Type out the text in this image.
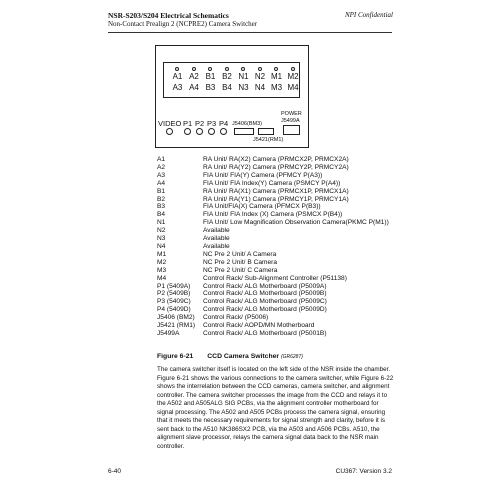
NSR-S203/S204 Electrical Schematics
Non-Contact Prealign 2 (NCPRE2) Camera Switcher
NPI Confidential
A1 A2 B1 B2 N1 N2 M1 M2
A3 A4 B3 B4 N3 N4 M3 M4
VIDEO P1 P2 P3 P4 J5406(BM3)
POWER
J5499A
J5421(RM1)
A1	RA Unit/ RA(X2) Camera (PRMCX2P, PRMCX2A)
A2	RA Unit/ RA(Y2) Camera (PRMCY2P, PRMCY2A)
A3	FIA Unit/ FIA(Y) Camera (PFMCY P(A3))
A4	FIA Unit/ FIA Index(Y) Camera (PSMCY P(A4))
B1	RA Unit/ RA(X1) Camera (PRMCX1P, PRMCX1A)
B2	RA Unit/ RA(Y1) Camera (PRMCY1P, PRMCY1A)
B3	FIA Unit/FIA(X) Camera (PFMCX P(B3))
B4	FIA Unit/ FIA Index (X) Camera (PSMCX P(B4))
N1	FIA Unit/ Low Magnification Observation Camera(PKMC P(M1))
N2	Available
N3	Available
N4	Available
M1	NC Pre 2 Unit/ A Camera
M2	NC Pre 2 Unit/ B Camera
M3	NC Pre 2 Unit/ C Camera
M4	Control Rack/ Sub-Alignment Controller (P51138)
P1 (5409A)	Control Rack/ ALG Motherboard (P5009A)
P2 (5409B)	Control Rack/ ALG Motherboard (P5009B)
P3 (5409C)	Control Rack/ ALG Motherboard (P5009C)
P4 (5409D)	Control Rack/ ALG Motherboard (P5009D)
J5406 (BM2)	Control Rack/ (P5006)
J5421 (RM1)	Control Rack/ AOPD/MN Motherboard
J5499A	Control Rack/ ALG Motherboard (P5001B)
Figure 6-21 CCD Camera Switcher (GR6287)
The camera switcher itself is located on the left side of the NSR inside the chamber. Figure 6-21 shows the various connections to the camera switcher, while Figure 6-22 shows the interrelation between the CCD cameras, camera switcher, and alignment controller. The camera switcher processes the image from the CCD and relays it to the A502 and A505ALG SIG PCBs, via the alignment controller motherboard for signal processing. The A502 and A505 PCBs process the camera signal, ensuring that it meets the necessary requirements for signal strength and clarity, before it is sent back to the A510 NK386SX2 PCB, via the A503 and A506 PCBs. A510, the alignment slave processor, relays the camera signal data back to the NSR main controller.
6-40	CU367: Version 3.2
